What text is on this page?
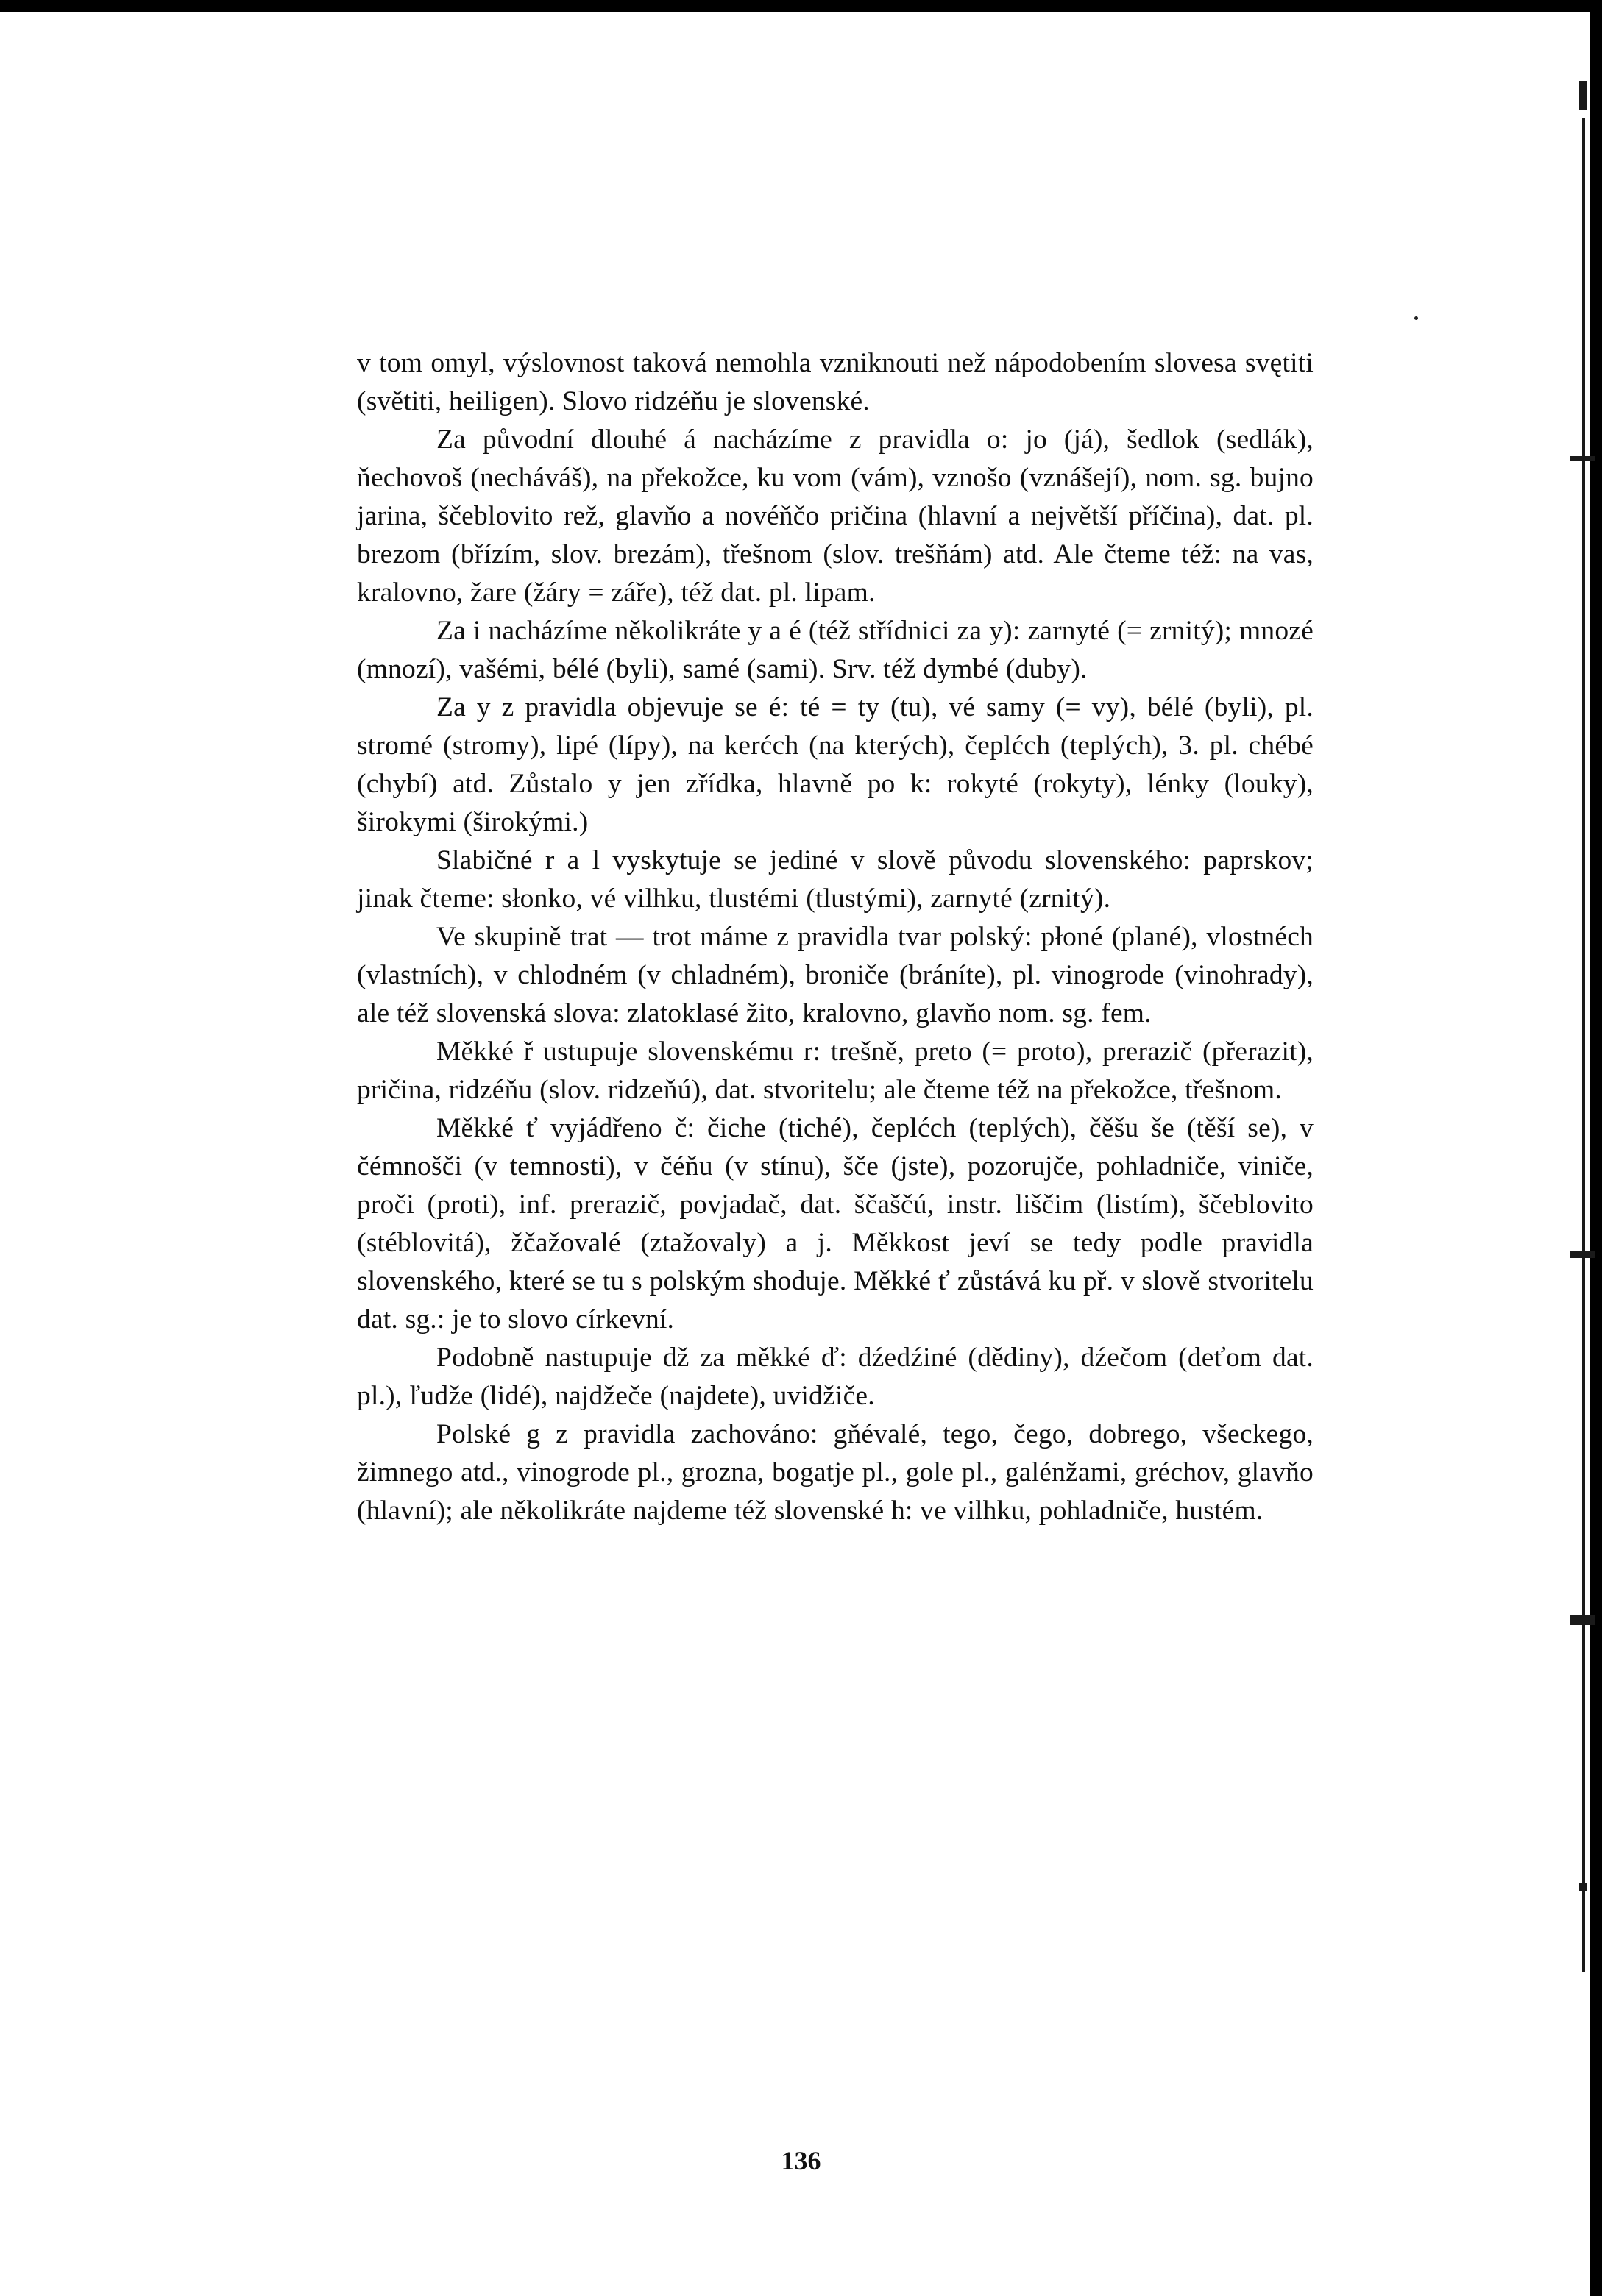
v tom omyl, výslovnost taková nemohla vzniknouti než nápodobením slovesa svętiti (světiti, heiligen). Slovo ridzéňu je slovenské.

Za původní dlouhé á nacházíme z pravidla o: jo (já), šedlok (sedlák), ňechovoš (necháváš), na překožce, ku vom (vám), vznošo (vznášejí), nom. sg. bujno jarina, ščeblovito rež, glavňo a novéňčo pričina (hlavní a největší příčina), dat. pl. brezom (břízím, slov. brezám), třešnom (slov. trešňám) atd. Ale čteme též: na vas, kralovno, žare (žáry = záře), též dat. pl. lipam.

Za i nacházíme několikráte y a é (též střídnici za y): zarnyté (= zrnitý); mnozé (mnozí), vašémi, bélé (byli), samé (sami). Srv. též dymbé (duby).

Za y z pravidla objevuje se é: té = ty (tu), vé samy (= vy), bélé (byli), pl. stromé (stromy), lipé (lípy), na kerćch (na kterých), čeplćch (teplých), 3. pl. chébé (chybí) atd. Zůstalo y jen zřídka, hlavně po k: rokyté (rokyty), lénky (louky), širokymi (širokými.)

Slabičné r a l vyskytuje se jediné v slově původu slovenského: paprskov; jinak čteme: słonko, vé vilhku, tlustémi (tlustými), zarnyté (zrnitý).

Ve skupině trat — trot máme z pravidla tvar polský: płoné (plané), vlostnéch (vlastních), v chlodném (v chladném), broniče (bráníte), pl. vinogrode (vinohrady), ale též slovenská slova: zlatoklasé žito, kralovno, glavňo nom. sg. fem.

Měkké ř ustupuje slovenskému r: trešně, preto (= proto), prerazič (přerazit), pričina, ridzéňu (slov. ridzeňú), dat. stvoritelu; ale čteme též na překožce, třešnom.

Měkké ť vyjádřeno č: čiche (tiché), čeplćch (teplých), čěšu še (těší se), v čémnošči (v temnosti), v čéňu (v stínu), šče (jste), pozorujče, pohladniče, viniče, proči (proti), inf. prerazič, povjadač, dat. ščaščú, instr. liščim (listím), ščeblovito (stéblovitá), žčažovalé (ztažovaly) a j. Měkkost jeví se tedy podle pravidla slovenského, které se tu s polským shoduje. Měkké ť zůstává ku př. v slově stvoritelu dat. sg.: je to slovo církevní.

Podobně nastupuje dž za měkké ď: dźedźiné (dědiny), dźečom (deťom dat. pl.), ľudže (lidé), najdžeče (najdete), uvidžiče.

Polské g z pravidla zachováno: gňévalé, tego, čego, dobrego, všeckego, žimnego atd., vinogrode pl., grozna, bogatje pl., gole pl., galénžami, gréchov, glavňo (hlavní); ale několikráte najdeme též slovenské h: ve vilhku, pohladniče, hustém.

136
